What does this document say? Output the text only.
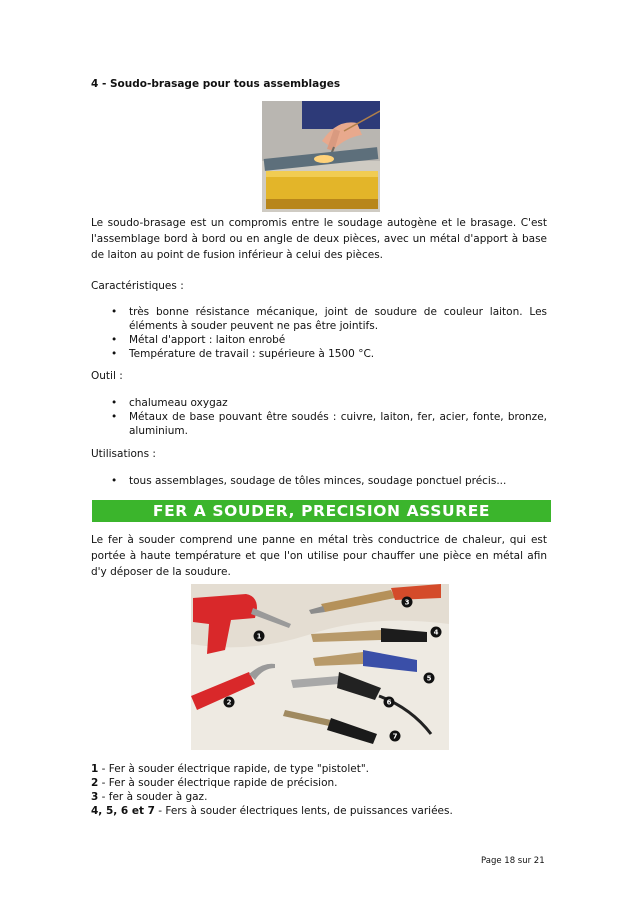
4 - Soudo-brasage pour tous assemblages

Le soudo-brasage est un compromis entre le soudage autogène et le brasage. C'est l'assemblage bord à bord ou en angle de deux pièces, avec un métal d'apport à base de laiton au point de fusion inférieur à celui des pièces.

Caractéristiques :

• très bonne résistance mécanique, joint de soudure de couleur laiton. Les éléments à souder peuvent ne pas être jointifs.
• Métal d'apport : laiton enrobé
• Température de travail : supérieure à 1500 °C.

Outil :

• chalumeau oxygaz
• Métaux de base pouvant être soudés : cuivre, laiton, fer, acier, fonte, bronze, aluminium.

Utilisations :

• tous assemblages, soudage de tôles minces, soudage ponctuel précis...
FER A SOUDER, PRECISION ASSUREE

Le fer à souder comprend une panne en métal très conductrice de chaleur, qui est portée à haute température et que l'on utilise pour chauffer une pièce en métal afin d'y déposer de la soudure.

1
2
3
4
5
6
7
1 - Fer à souder électrique rapide, de type "pistolet".
2 - Fer à souder électrique rapide de précision.
3 - fer à souder à gaz.
4, 5, 6 et 7 - Fers à souder électriques lents, de puissances variées.
Page 18 sur 21
